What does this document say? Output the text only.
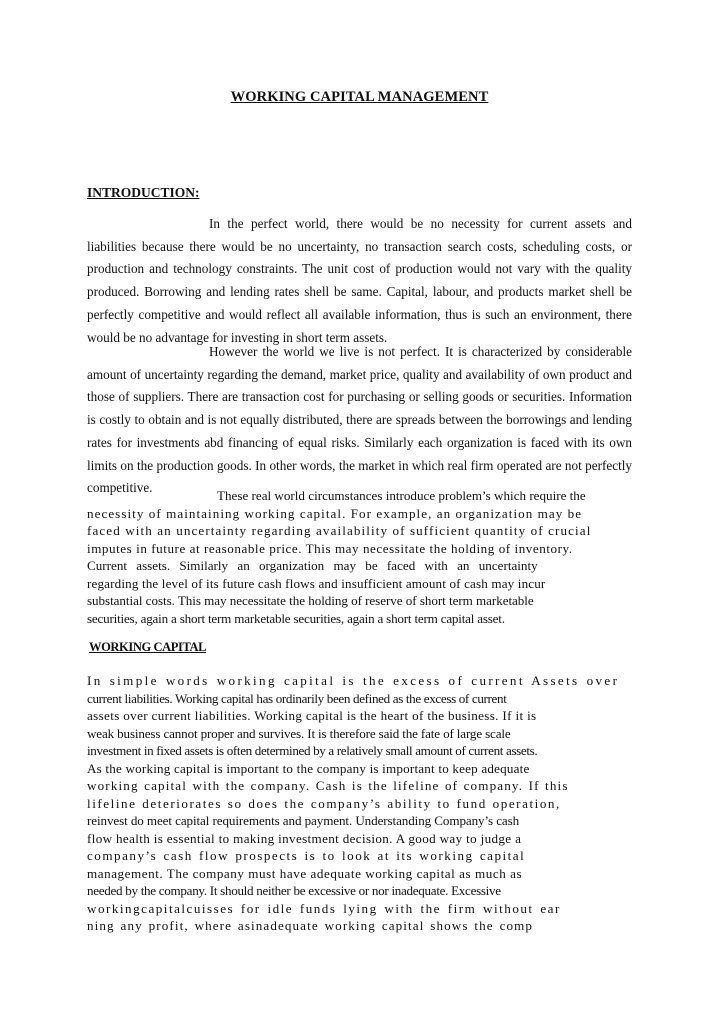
WORKING CAPITAL MANAGEMENT
INTRODUCTION:

In the perfect world, there would be no necessity for current assets and liabilities because there would be no uncertainty, no transaction search costs, scheduling costs, or production and technology constraints. The unit cost of production would not vary with the quality produced. Borrowing and lending rates shell be same. Capital, labour, and products market shell be perfectly competitive and would reflect all available information, thus is such an environment, there would be no advantage for investing in short term assets.

However the world we live is not perfect. It is characterized by considerable amount of uncertainty regarding the demand, market price, quality and availability of own product and those of suppliers. There are transaction cost for purchasing or selling goods or securities. Information is costly to obtain and is not equally distributed, there are spreads between the borrowings and lending rates for investments abd financing of equal risks. Similarly each organization is faced with its own limits on the production goods. In other words, the market in which real firm operated are not perfectly competitive.

These real world circumstances introduce problem’s which require the
necessity of maintaining working capital. For example, an organization may be
faced with an uncertainty regarding availability of sufficient quantity of crucial
imputes in future at reasonable price. This may necessitate the holding of inventory.
Current assets. Similarly an organization may be faced with an uncertainty
regarding the level of its future cash flows and insufficient amount of cash may incur
substantial costs. This may necessitate the holding of reserve of short term marketable
securities, again a short term marketable securities, again a short term capital asset.
WORKING CAPITAL
In simple words working capital is the excess of current Assets over
current liabilities. Working capital has ordinarily been defined as the excess of current
assets over current liabilities. Working capital is the heart of the business. If it is
weak business cannot proper and survives. It is therefore said the fate of large scale
investment in fixed assets is often determined by a relatively small amount of current assets.
As the working capital is important to the company is important to keep adequate
working capital with the company. Cash is the lifeline of company. If this
lifeline deteriorates so does the company’s ability to fund operation,
reinvest do meet capital requirements and payment. Understanding Company’s cash
flow health is essential to making investment decision. A good way to judge a
company’s cash flow prospects is to look at its working capital
management. The company must have adequate working capital as much as
needed by the company. It should neither be excessive or nor inadequate. Excessive
workingcapitalcuisses for idle funds lying with the firm without ear
ning any profit, where asinadequate working capital shows the comp
